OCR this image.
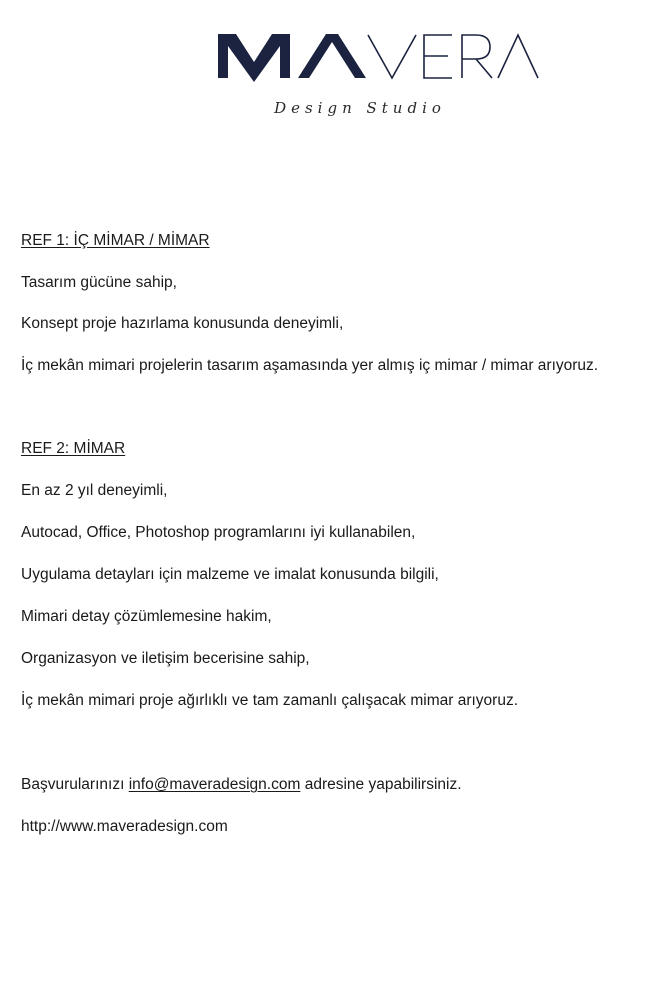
Design Studio

REF 1: İÇ MİMAR / MİMAR

Tasarım gücüne sahip,

Konsept proje hazırlama konusunda deneyimli,

İç mekân mimari projelerin tasarım aşamasında yer almış iç mimar / mimar arıyoruz.

REF 2: MİMAR

En az 2 yıl deneyimli,

Autocad, Office, Photoshop programlarını iyi kullanabilen,

Uygulama detayları için malzeme ve imalat konusunda bilgili,

Mimari detay çözümlemesine hakim,

Organizasyon ve iletişim becerisine sahip,

İç mekân mimari proje ağırlıklı ve tam zamanlı çalışacak mimar arıyoruz.

Başvurularınızı info@maveradesign.com adresine yapabilirsiniz.

http://www.maveradesign.com
